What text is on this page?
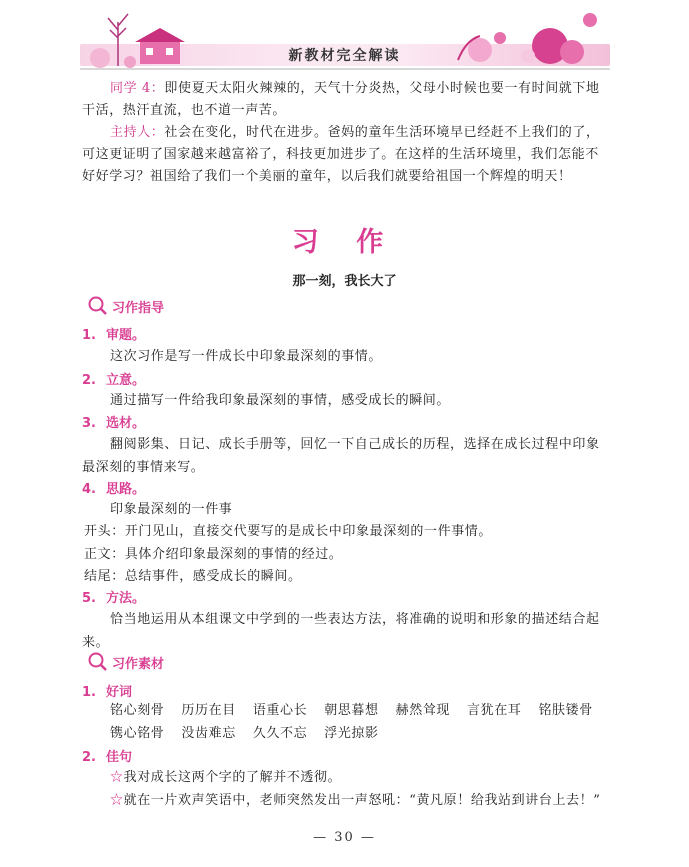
新教材完全解读
同学 4：即使夏天太阳火辣辣的，天气十分炎热，父母小时候也要一有时间就下地干活，热汗直流，也不道一声苦。
主持人：社会在变化，时代在进步。爸妈的童年生活环境早已经赶不上我们的了，可这更证明了国家越来越富裕了，科技更加进步了。在这样的生活环境里，我们怎能不好好学习？祖国给了我们一个美丽的童年，以后我们就要给祖国一个辉煌的明天！
习 作
那一刻，我长大了
习作指导
1. 审题。
这次习作是写一件成长中印象最深刻的事情。
2. 立意。
通过描写一件给我印象最深刻的事情，感受成长的瞬间。
3. 选材。
翻阅影集、日记、成长手册等，回忆一下自己成长的历程，选择在成长过程中印象最深刻的事情来写。
4. 思路。
印象最深刻的一件事
开头：开门见山，直接交代要写的是成长中印象最深刻的一件事情。
正文：具体介绍印象最深刻的事情的经过。
结尾：总结事件，感受成长的瞬间。
5. 方法。
恰当地运用从本组课文中学到的一些表达方法，将准确的说明和形象的描述结合起来。
习作素材
1. 好词
铭心刻骨 历历在目 语重心长 朝思暮想 赫然耸现 言犹在耳 铭肤镂骨镌心铭骨 没齿难忘 久久不忘 浮光掠影
2. 佳句
☆我对成长这两个字的了解并不透彻。
☆就在一片欢声笑语中，老师突然发出一声怒吼：“黄凡原！给我站到讲台上去！”
— 30 —
